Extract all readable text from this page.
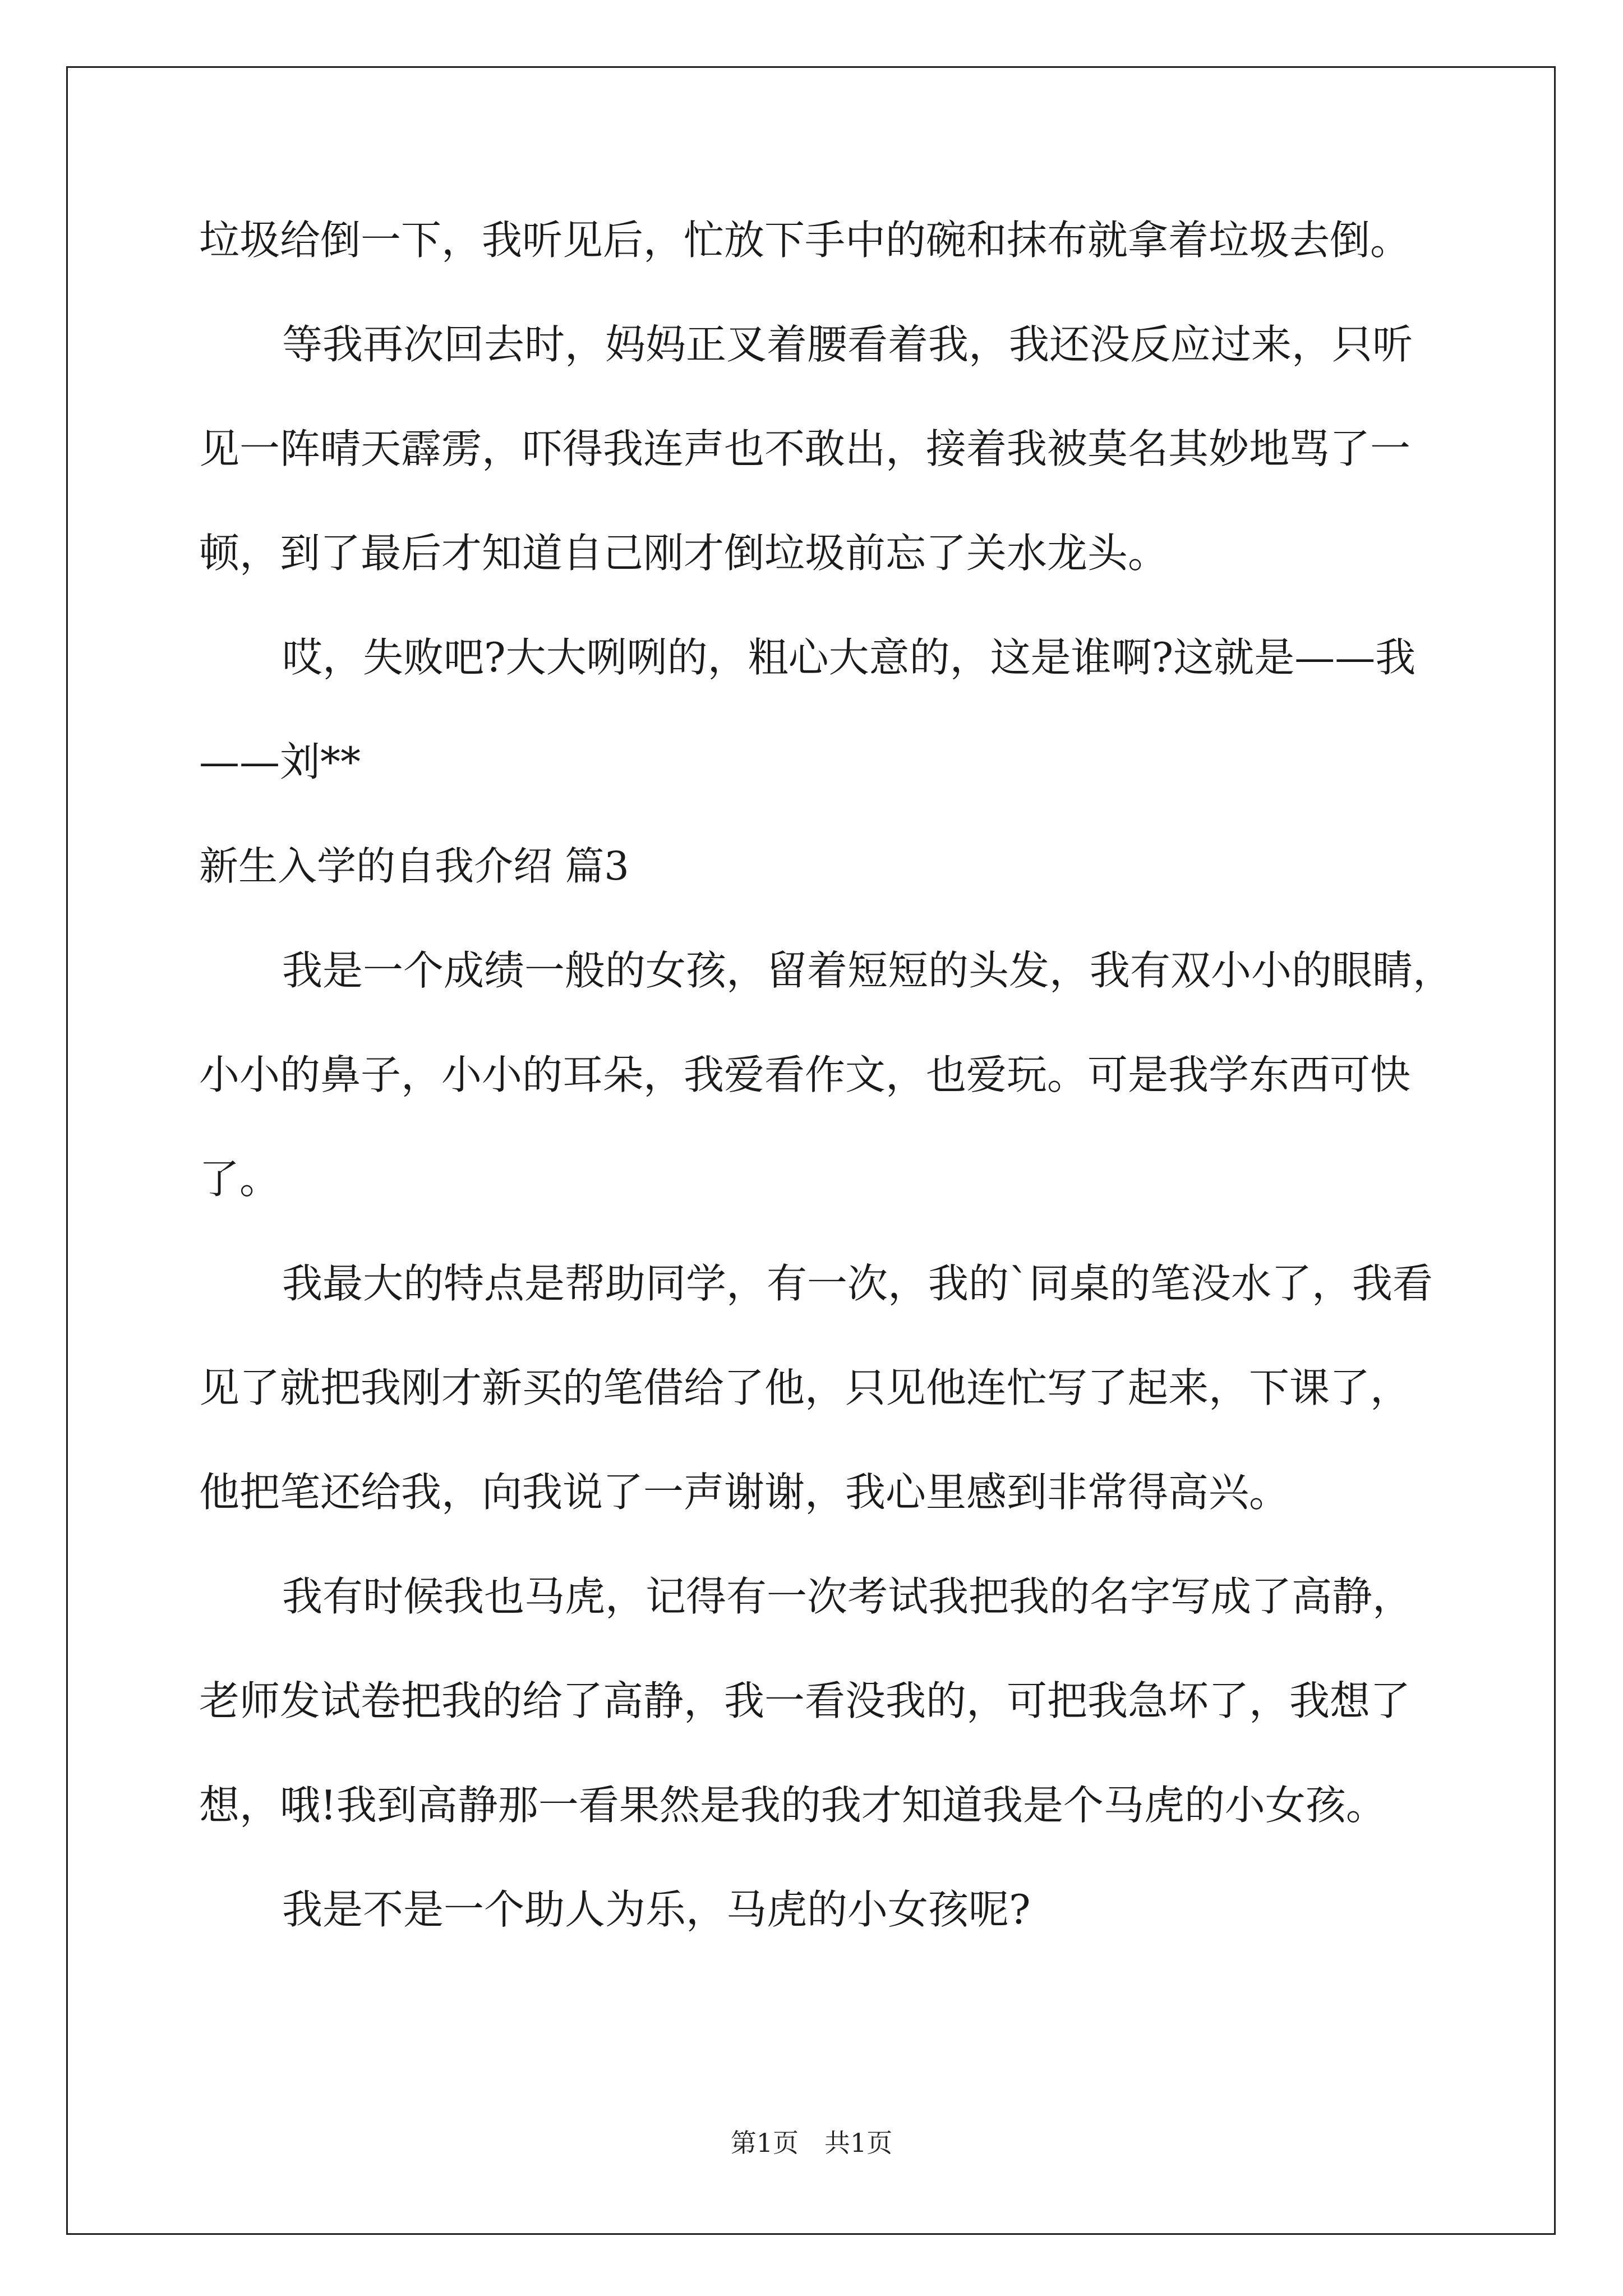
垃圾给倒一下，我听见后，忙放下手中的碗和抹布就拿着垃圾去倒。
等我再次回去时，妈妈正叉着腰看着我，我还没反应过来，只听
见一阵晴天霹雳，吓得我连声也不敢出，接着我被莫名其妙地骂了一
顿，到了最后才知道自己刚才倒垃圾前忘了关水龙头。
哎，失败吧?大大咧咧的，粗心大意的，这是谁啊?这就是——我
——刘**
新生入学的自我介绍 篇3
我是一个成绩一般的女孩，留着短短的头发，我有双小小的眼睛，
小小的鼻子，小小的耳朵，我爱看作文，也爱玩。可是我学东西可快
了。
我最大的特点是帮助同学，有一次，我的`同桌的笔没水了，我看
见了就把我刚才新买的笔借给了他，只见他连忙写了起来，下课了，
他把笔还给我，向我说了一声谢谢，我心里感到非常得高兴。
我有时候我也马虎，记得有一次考试我把我的名字写成了高静，
老师发试卷把我的给了高静，我一看没我的，可把我急坏了，我想了
想，哦!我到高静那一看果然是我的我才知道我是个马虎的小女孩。
我是不是一个助人为乐，马虎的小女孩呢?
第1页　共1页
